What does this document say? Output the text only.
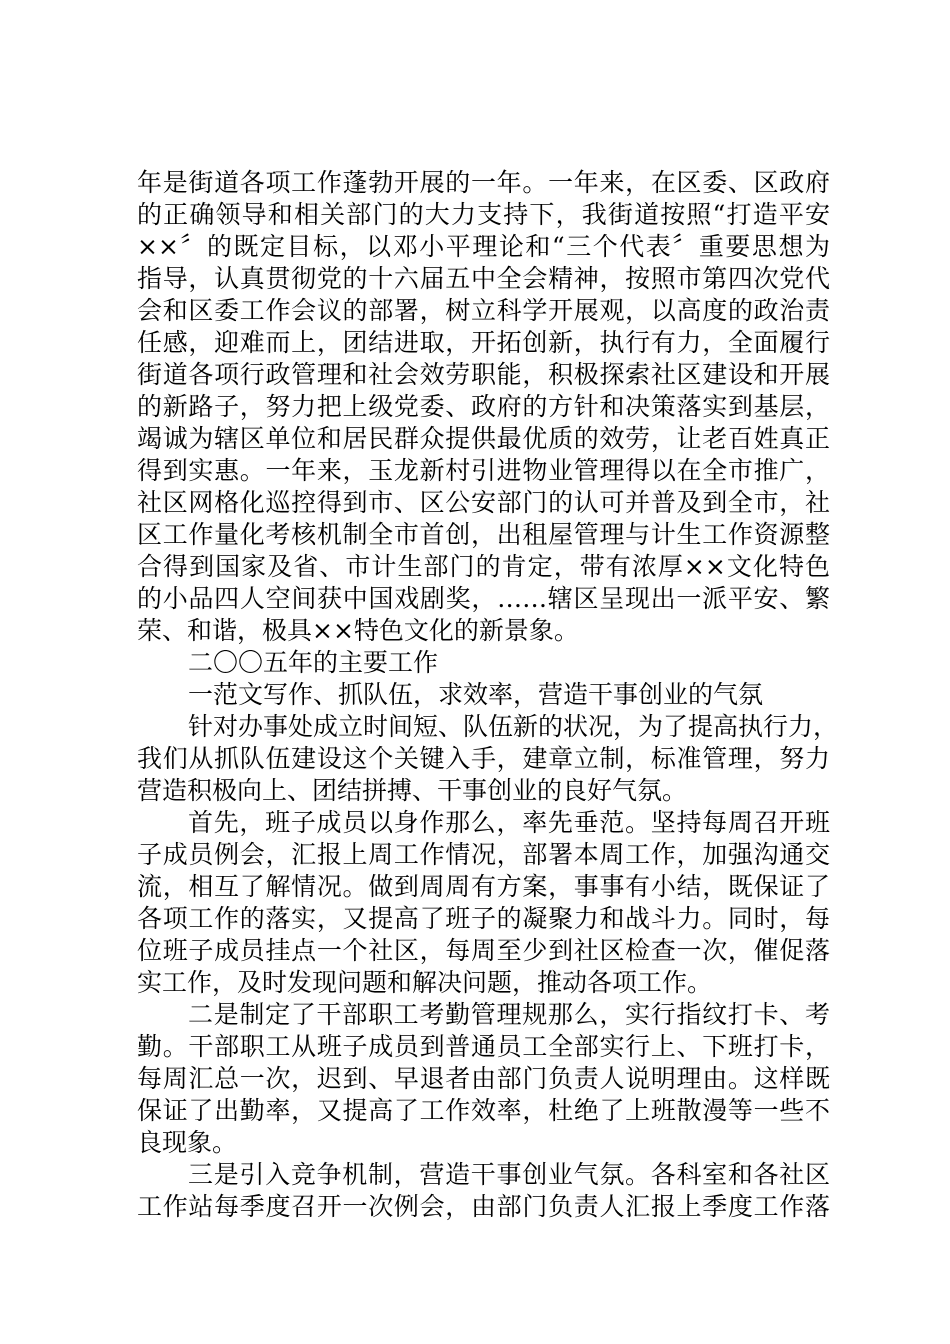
年是街道各项工作蓬勃开展的一年。一年来，在区委、区政府
的正确领导和相关部门的大力支持下，我街道按照“打造平安
××〞的既定目标，以邓小平理论和“三个代表〞重要思想为
指导，认真贯彻党的十六届五中全会精神，按照市第四次党代
会和区委工作会议的部署，树立科学开展观，以高度的政治责
任感，迎难而上，团结进取，开拓创新，执行有力，全面履行
街道各项行政管理和社会效劳职能，积极探索社区建设和开展
的新路子，努力把上级党委、政府的方针和决策落实到基层，
竭诚为辖区单位和居民群众提供最优质的效劳，让老百姓真正
得到实惠。一年来，玉龙新村引进物业管理得以在全市推广，
社区网格化巡控得到市、区公安部门的认可并普及到全市，社
区工作量化考核机制全市首创，出租屋管理与计生工作资源整
合得到国家及省、市计生部门的肯定，带有浓厚××文化特色
的小品四人空间获中国戏剧奖，……辖区呈现出一派平安、繁
荣、和谐，极具××特色文化的新景象。
二〇〇五年的主要工作
一范文写作、抓队伍，求效率，营造干事创业的气氛
针对办事处成立时间短、队伍新的状况，为了提高执行力，
我们从抓队伍建设这个关键入手，建章立制，标准管理，努力
营造积极向上、团结拼搏、干事创业的良好气氛。
首先，班子成员以身作那么，率先垂范。坚持每周召开班
子成员例会，汇报上周工作情况，部署本周工作，加强沟通交
流，相互了解情况。做到周周有方案，事事有小结，既保证了
各项工作的落实，又提高了班子的凝聚力和战斗力。同时，每
位班子成员挂点一个社区，每周至少到社区检查一次，催促落
实工作，及时发现问题和解决问题，推动各项工作。
二是制定了干部职工考勤管理规那么，实行指纹打卡、考
勤。干部职工从班子成员到普通员工全部实行上、下班打卡，
每周汇总一次，迟到、早退者由部门负责人说明理由。这样既
保证了出勤率，又提高了工作效率，杜绝了上班散漫等一些不
良现象。
三是引入竞争机制，营造干事创业气氛。各科室和各社区
工作站每季度召开一次例会，由部门负责人汇报上季度工作落
